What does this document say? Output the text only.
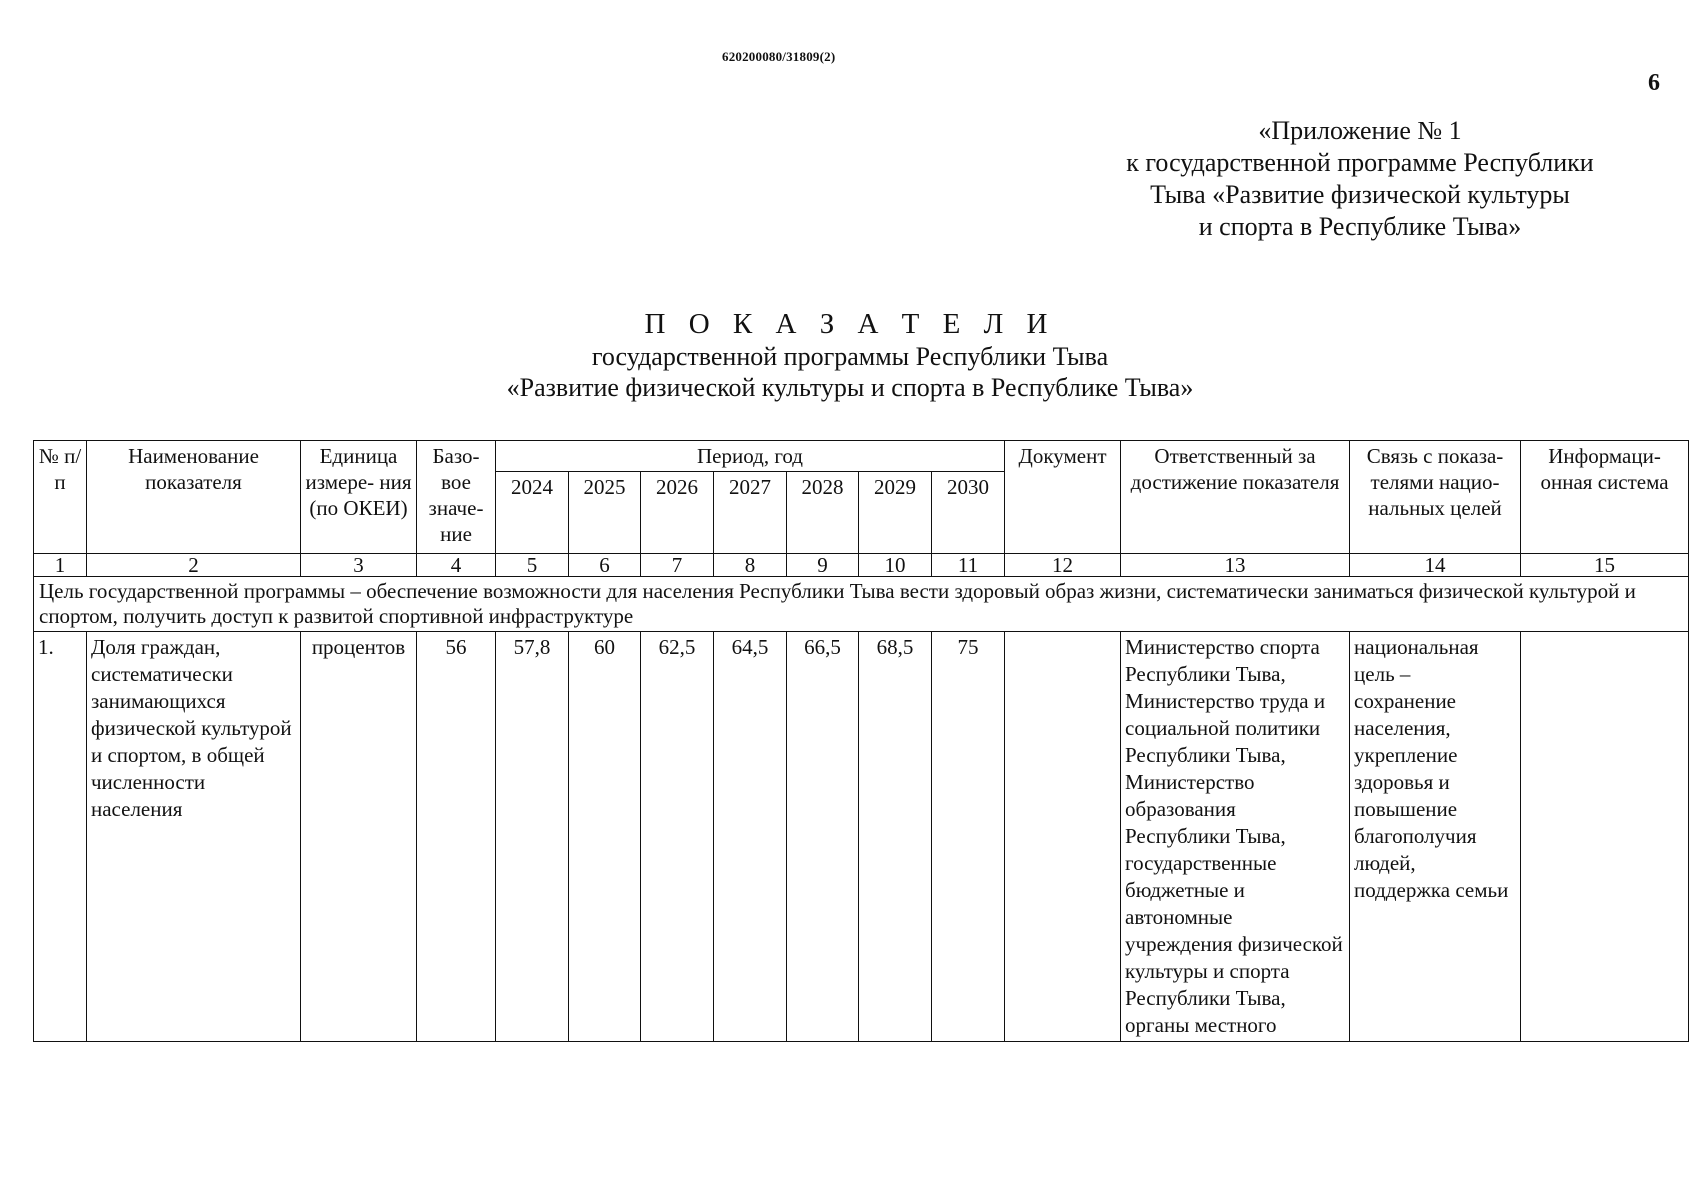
620200080/31809(2)
6
«Приложение № 1
к государственной программе Республики
Тыва «Развитие физической культуры
и спорта в Республике Тыва»
П О К А З А Т Е Л И
государственной программы Республики Тыва
«Развитие физической культуры и спорта в Республике Тыва»
№ п/п	Наименование показателя	Единица измере- ния (по ОКЕИ)	Базо- вое значе- ние	Период, год							Документ	Ответственный за достижение показателя	Связь с показа- телями нацио- нальных целей	Информаци- онная система
				2024	2025	2026	2027	2028	2029	2030				
1	2	3	4	5	6	7	8	9	10	11	12	13	14	15
Цель государственной программы – обеспечение возможности для населения Республики Тыва вести здоровый образ жизни, систематически заниматься физической культурой и спортом, получить доступ к развитой спортивной инфраструктуре														
1.	Доля граждан, систематически занимающихся физической культурой и спортом, в общей численности населения	процентов	56	57,8	60	62,5	64,5	66,5	68,5	75		Министерство спорта Республики Тыва, Министерство труда и социальной политики Республики Тыва, Министерство образования Республики Тыва, государственные бюджетные и автономные учреждения физической культуры и спорта Республики Тыва, органы местного	национальная цель – сохранение населения, укрепление здоровья и повышение благополучия людей, поддержка семьи	
